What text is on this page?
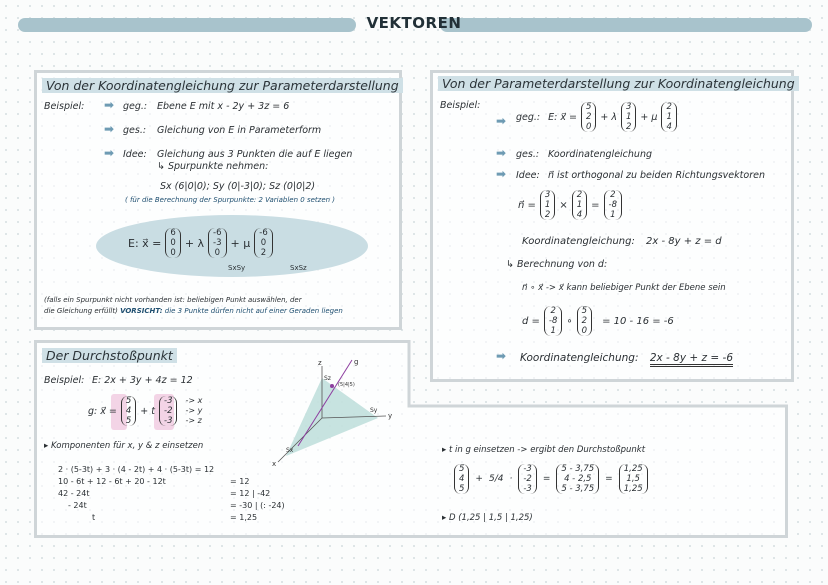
VEKTOREN
Von der Koordinatengleichung zur Parameterdarstellung
Beispiel: ➡ geg.: Ebene E mit x - 2y + 3z = 6
➡ ges.: Gleichung von E in Parameterform
➡ Idee: Gleichung aus 3 Punkten die auf E liegen
↳ Spurpunkte nehmen:
Sx (6|0|0); Sy (0|-3|0); Sz (0|0|2)
( für die Berechnung der Spurpunkte: 2 Variablen 0 setzen )
E: x⃗ =
6
0
0
+ λ
-6
-3
0
+ μ
-6
0
2
SxSy	SxSz
(falls ein Spurpunkt nicht vorhanden ist: beliebigen Punkt auswählen, der
die Gleichung erfüllt) VORSICHT: die 3 Punkte dürfen nicht auf einer Geraden liegen
Von der Parameterdarstellung zur Koordinatengleichung
Beispiel:
➡ geg.: E: x⃗ =
5
2
0
+ λ
3
1
2
+ μ
2
1
4
➡ ges.: Koordinatengleichung
➡ Idee: n⃗ ist orthogonal zu beiden Richtungsvektoren
n⃗ =
3
1
2
×
2
1
4
=
2
-8
1
Koordinatengleichung: 2x - 8y + z = d
↳ Berechnung von d:
n⃗ ∘ x⃗ -> x⃗ kann beliebiger Punkt der Ebene sein
d =
2
-8
1
∘
5
2
0
= 10 - 16 = -6
➡ Koordinatengleichung: 2x - 8y + z = -6
Der Durchstoßpunkt
Beispiel: E: 2x + 3y + 4z = 12
g: x⃗ =
5
4
5
+ t
-3
-2
-3
-> x
-> y
-> z
▸ Komponenten für x, y & z einsetzen
2 · (5-3t) + 3 · (4 - 2t) + 4 · (5-3t) = 12
10 - 6t + 12 - 6t + 20 - 12t
42 - 24t
- 24t
t
= 12
= 12 | -42
= -30 | (: -24)
= 1,25
z
y
x
g
Sz
Sy
Sx
(5|4|5)
▸ t in g einsetzen -> ergibt den Durchstoßpunkt
5
4
5
+ 5/4 ·
-3
-2
-3
=
5 - 3,75
4 - 2,5
5 - 3,75
=
1,25
1,5
1,25
▸ D (1,25 | 1,5 | 1,25)
